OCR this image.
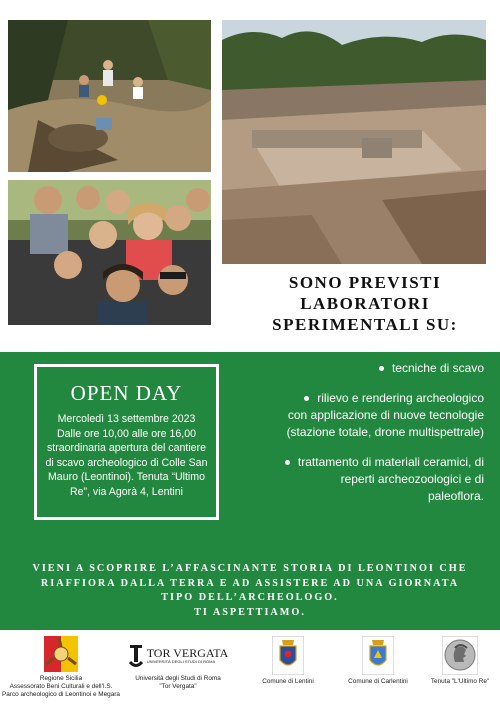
SONO PREVISTI
LABORATORI
SPERIMENTALI SU:
OPEN DAY
Mercoledì 13 settembre 2023 Dalle ore 10,00 alle ore 16,00 straordinaria apertura del cantiere di scavo archeologico di Colle San Mauro (Leontinoi). Tenuta “Ultimo Re”, via Agorà 4, Lentini
tecniche di scavo
rilievo e rendering archeologico con applicazione di nuove tecnologie (stazione totale, drone multispettrale)
trattamento di materiali ceramici, di reperti archeozoologici e di paleoflora.
VIENI A SCOPRIRE L’AFFASCINANTE STORIA DI LEONTINOI CHE
RIAFFIORA DALLA TERRA E AD ASSISTERE AD UNA GIORNATA
TIPO DELL’ARCHEOLOGO.
TI ASPETTIAMO.
Regione Sicilia
Assessorato Beni Culturali e dell'I.S.
Parco archeologico di Leontinoi e Megara
TOR VERGATA
UNIVERSITÀ DEGLI STUDI DI ROMA
Università degli Studi di Roma
"Tor Vergata"
Comune di Lentini	Comune di Carlentini	Tenuta "L'Ultimo Re"
